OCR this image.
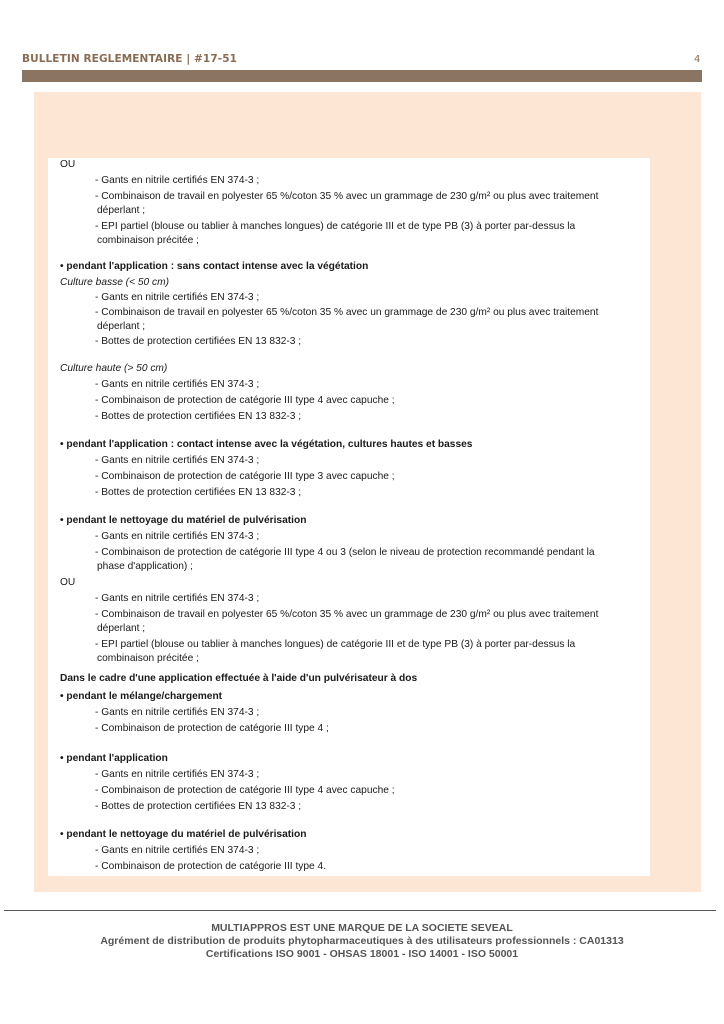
BULLETIN REGLEMENTAIRE | #17-51	4
OU
- Gants en nitrile certifiés EN 374-3 ;
- Combinaison de travail en polyester 65 %/coton 35 % avec un grammage de 230 g/m² ou plus avec traitement
déperlant ;
- EPI partiel (blouse ou tablier à manches longues) de catégorie III et de type PB (3) à porter par-dessus la
combinaison précitée ;
• pendant l'application : sans contact intense avec la végétation
Culture basse (< 50 cm)
- Gants en nitrile certifiés EN 374-3 ;
- Combinaison de travail en polyester 65 %/coton 35 % avec un grammage de 230 g/m² ou plus avec traitement
déperlant ;
- Bottes de protection certifiées EN 13 832-3 ;
Culture haute (> 50 cm)
- Gants en nitrile certifiés EN 374-3 ;
- Combinaison de protection de catégorie III type 4 avec capuche ;
- Bottes de protection certifiées EN 13 832-3 ;
• pendant l'application : contact intense avec la végétation, cultures hautes et basses
- Gants en nitrile certifiés EN 374-3 ;
- Combinaison de protection de catégorie III type 3 avec capuche ;
- Bottes de protection certifiées EN 13 832-3 ;
• pendant le nettoyage du matériel de pulvérisation
- Gants en nitrile certifiés EN 374-3 ;
- Combinaison de protection de catégorie III type 4 ou 3 (selon le niveau de protection recommandé pendant la
phase d'application) ;
OU
- Gants en nitrile certifiés EN 374-3 ;
- Combinaison de travail en polyester 65 %/coton 35 % avec un grammage de 230 g/m² ou plus avec traitement
déperlant ;
- EPI partiel (blouse ou tablier à manches longues) de catégorie III et de type PB (3) à porter par-dessus la
combinaison précitée ;
Dans le cadre d'une application effectuée à l'aide d'un pulvérisateur à dos
• pendant le mélange/chargement
- Gants en nitrile certifiés EN 374-3 ;
- Combinaison de protection de catégorie III type 4 ;
• pendant l'application
- Gants en nitrile certifiés EN 374-3 ;
- Combinaison de protection de catégorie III type 4 avec capuche ;
- Bottes de protection certifiées EN 13 832-3 ;
• pendant le nettoyage du matériel de pulvérisation
- Gants en nitrile certifiés EN 374-3 ;
- Combinaison de protection de catégorie III type 4.
MULTIAPPROS EST UNE MARQUE DE LA SOCIETE SEVEAL
Agrément de distribution de produits phytopharmaceutiques à des utilisateurs professionnels : CA01313
Certifications ISO 9001 - OHSAS 18001 - ISO 14001 - ISO 50001
